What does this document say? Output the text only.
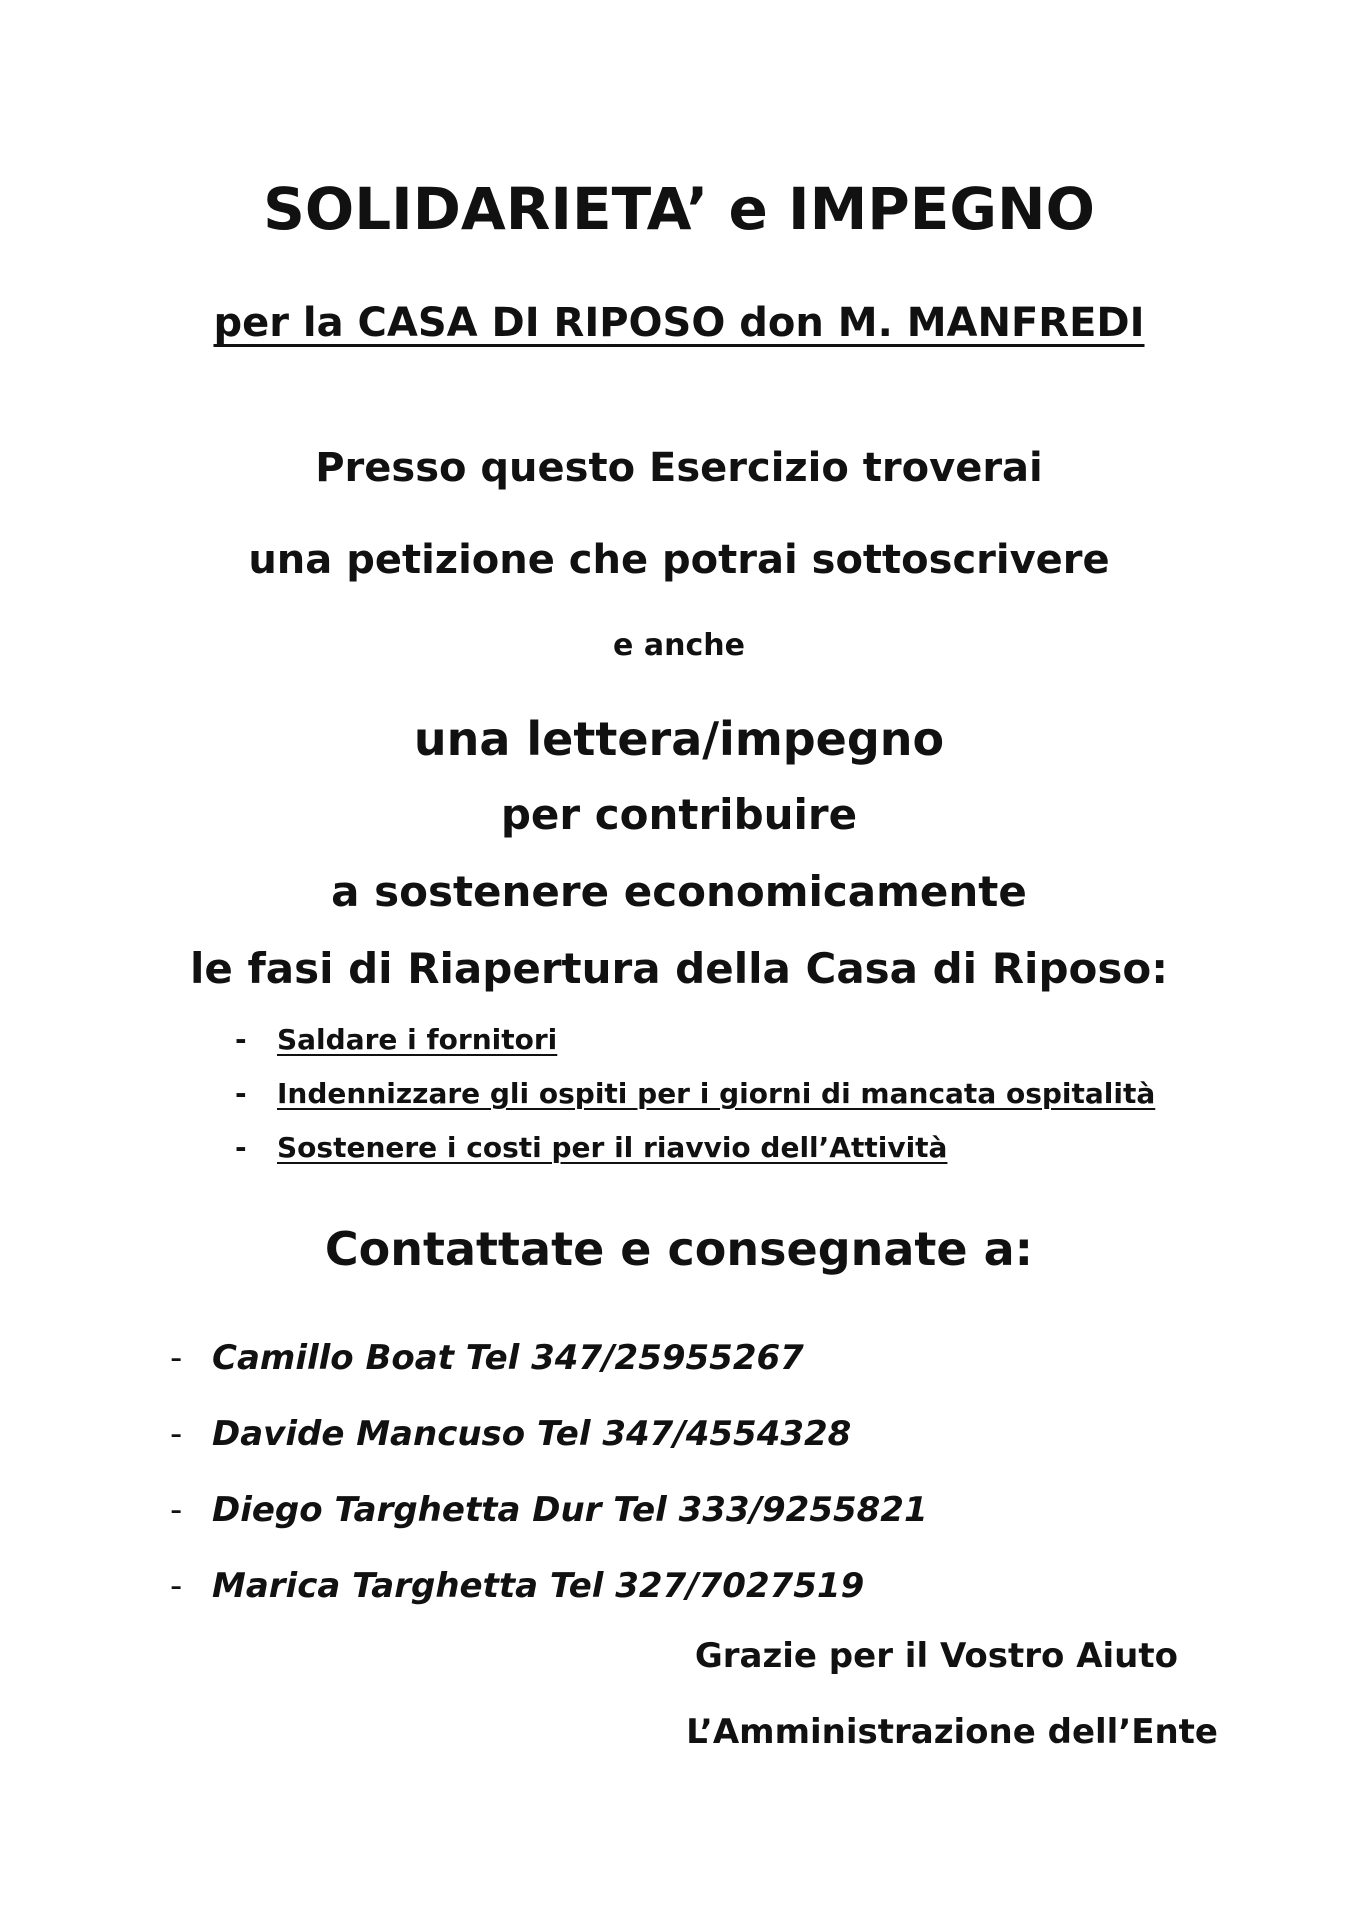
SOLIDARIETA’ e IMPEGNO
per la CASA DI RIPOSO don M. MANFREDI
Presso questo Esercizio troverai
una petizione che potrai sottoscrivere
e anche
una lettera/impegno
per contribuire
a sostenere economicamente
le fasi di Riapertura della Casa di Riposo:
-	Saldare i fornitori
-	Indennizzare gli ospiti per i giorni di mancata ospitalità
-	Sostenere i costi per il riavvio dell’Attività
Contattate e consegnate a:
- Camillo Boat Tel 347/25955267
- Davide Mancuso Tel 347/4554328
- Diego Targhetta Dur Tel 333/9255821
- Marica Targhetta Tel 327/7027519
Grazie per il Vostro Aiuto
L’Amministrazione dell’Ente
